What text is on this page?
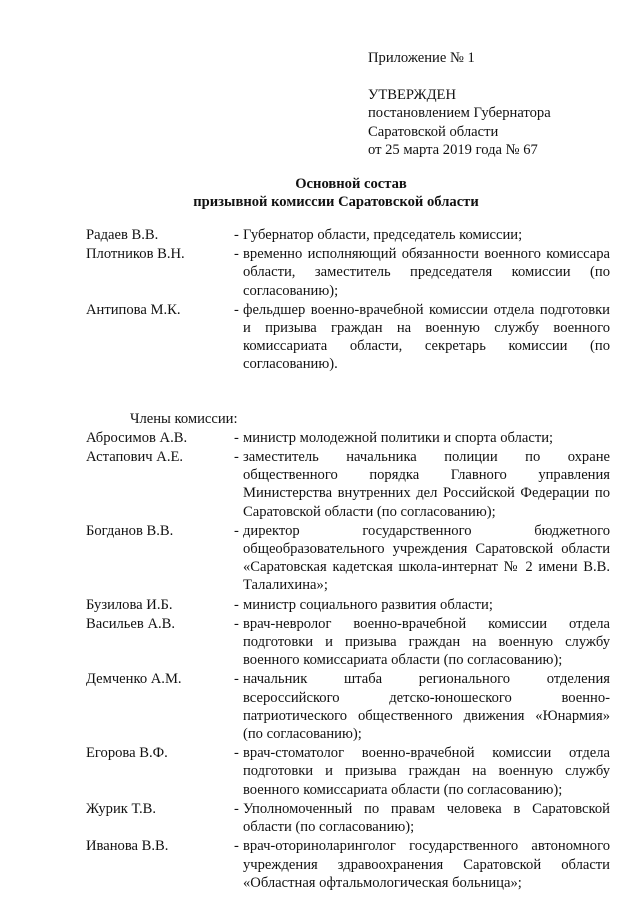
Приложение № 1
УТВЕРЖДЕН
постановлением Губернатора
Саратовской области
от 25 марта 2019 года № 67
Основной состав
призывной комиссии Саратовской области
Радаев В.В.	- Губернатор области, председатель комиссии;
Плотников В.Н.	- временно исполняющий обязанности военного комиссара области, заместитель председателя комиссии (по согласованию);
Антипова М.К.	- фельдшер военно-врачебной комиссии отдела подготовки и призыва граждан на военную службу военного комиссариата области, секретарь комиссии (по согласованию).
Члены комиссии:
Абросимов А.В.	- министр молодежной политики и спорта области;
Астапович А.Е.	- заместитель начальника полиции по охране общественного порядка Главного управления Министерства внутренних дел Российской Федерации по Саратовской области (по согласованию);
Богданов В.В.	- директор государственного бюджетного общеобразовательного учреждения Саратовской области «Саратовская кадетская школа-интернат № 2 имени В.В. Талалихина»;
Бузилова И.Б.	- министр социального развития области;
Васильев А.В.	- врач-невролог военно-врачебной комиссии отдела подготовки и призыва граждан на военную службу военного комиссариата области (по согласованию);
Демченко А.М.	- начальник штаба регионального отделения всероссийского детско-юношеского военно-патриотического общественного движения «Юнармия» (по согласованию);
Егорова В.Ф.	- врач-стоматолог военно-врачебной комиссии отдела подготовки и призыва граждан на военную службу военного комиссариата области (по согласованию);
Журик Т.В.	- Уполномоченный по правам человека в Саратовской области (по согласованию);
Иванова В.В.	- врач-оториноларинголог государственного автономного учреждения здравоохранения Саратовской области «Областная офтальмологическая больница»;
